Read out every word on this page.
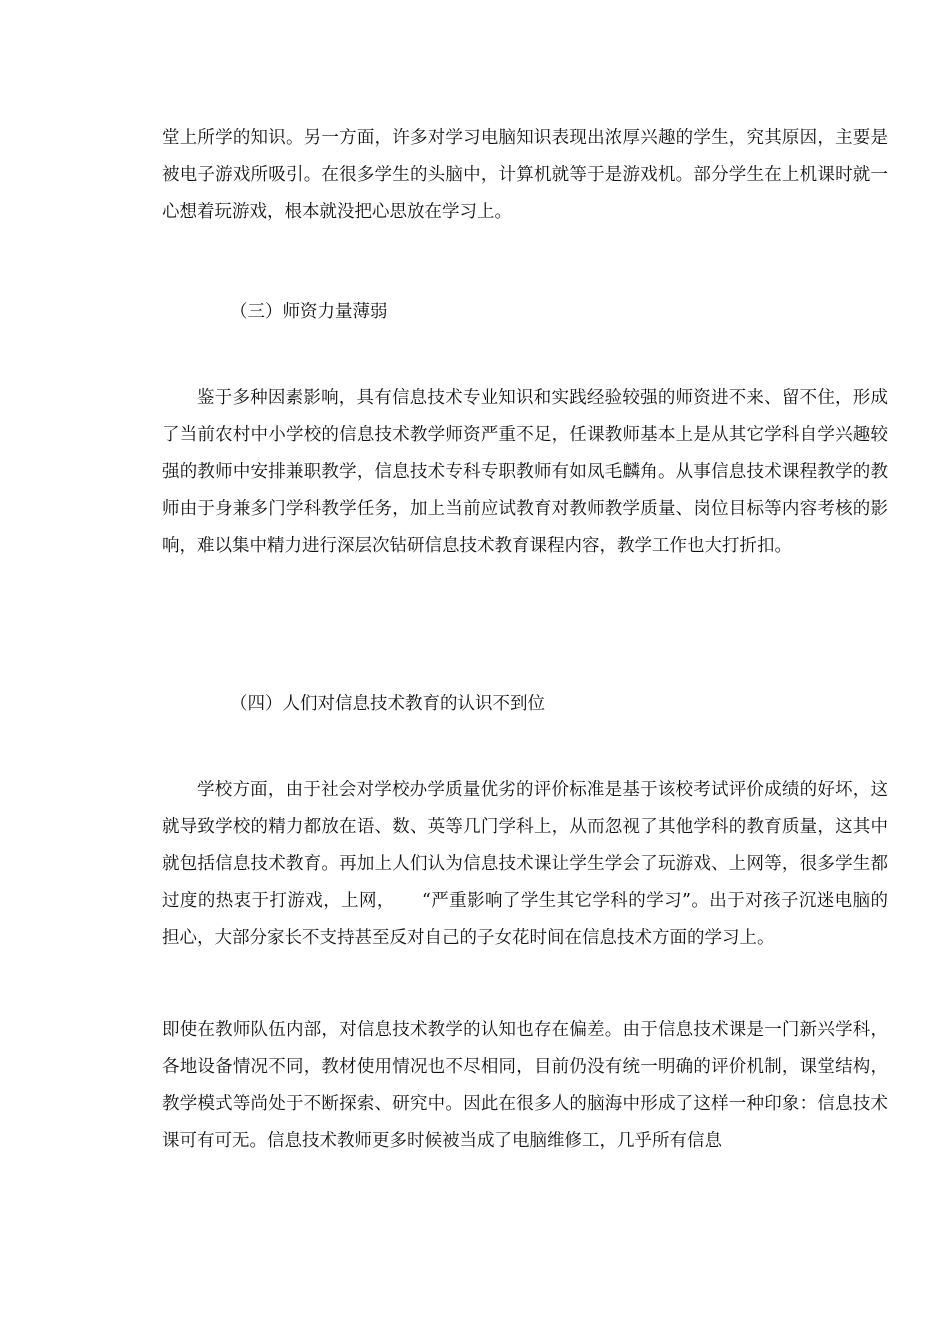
堂上所学的知识。另一方面，许多对学习电脑知识表现出浓厚兴趣的学生，究其原因，主要是被电子游戏所吸引。在很多学生的头脑中，计算机就等于是游戏机。部分学生在上机课时就一心想着玩游戏，根本就没把心思放在学习上。

（三）师资力量薄弱

鉴于多种因素影响，具有信息技术专业知识和实践经验较强的师资进不来、留不住，形成了当前农村中小学校的信息技术教学师资严重不足，任课教师基本上是从其它学科自学兴趣较强的教师中安排兼职教学，信息技术专科专职教师有如凤毛麟角。从事信息技术课程教学的教师由于身兼多门学科教学任务，加上当前应试教育对教师教学质量、岗位目标等内容考核的影响，难以集中精力进行深层次钻研信息技术教育课程内容，教学工作也大打折扣。

（四）人们对信息技术教育的认识不到位

学校方面，由于社会对学校办学质量优劣的评价标准是基于该校考试评价成绩的好坏，这就导致学校的精力都放在语、数、英等几门学科上，从而忽视了其他学科的教育质量，这其中就包括信息技术教育。再加上人们认为信息技术课让学生学会了玩游戏、上网等，很多学生都过度的热衷于打游戏，上网，　　“严重影响了学生其它学科的学习”。出于对孩子沉迷电脑的担心，大部分家长不支持甚至反对自己的子女花时间在信息技术方面的学习上。

即使在教师队伍内部，对信息技术教学的认知也存在偏差。由于信息技术课是一门新兴学科，各地设备情况不同，教材使用情况也不尽相同，目前仍没有统一明确的评价机制，课堂结构，教学模式等尚处于不断探索、研究中。因此在很多人的脑海中形成了这样一种印象：信息技术课可有可无。信息技术教师更多时候被当成了电脑维修工，几乎所有信息
